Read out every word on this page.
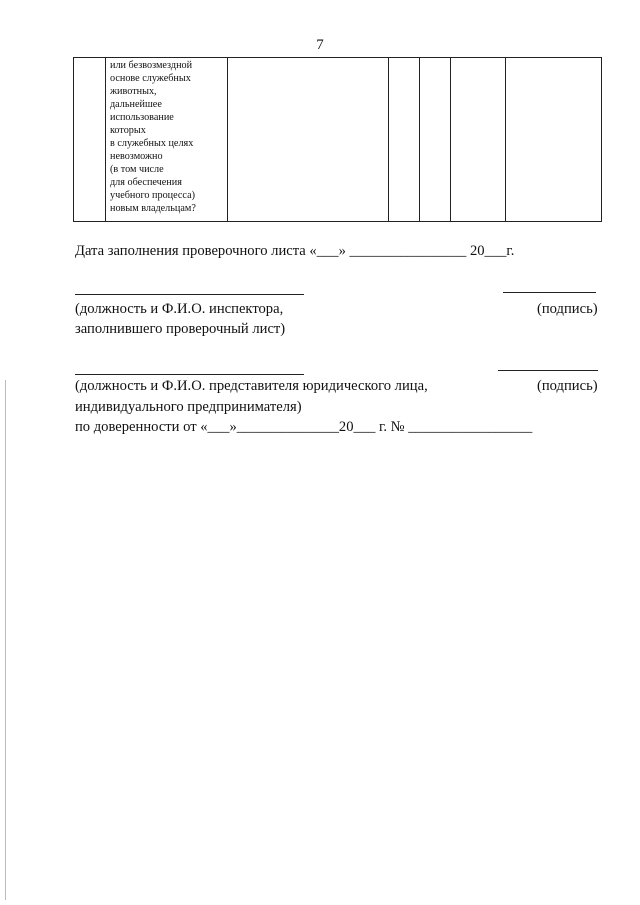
7

или безвозмездной
основе служебных
животных,
дальнейшее
использование
которых
в служебных целях
невозможно
(в том числе
для обеспечения
учебного процесса)
новым владельцам?

Дата заполнения проверочного листа «___» ________________ 20___г.
(должность и Ф.И.О. инспектора,	(подпись)
заполнившего проверочный лист)
(должность и Ф.И.О. представителя юридического лица,	(подпись)
индивидуального предпринимателя)
по доверенности от «___»______________20___ г. № _________________
